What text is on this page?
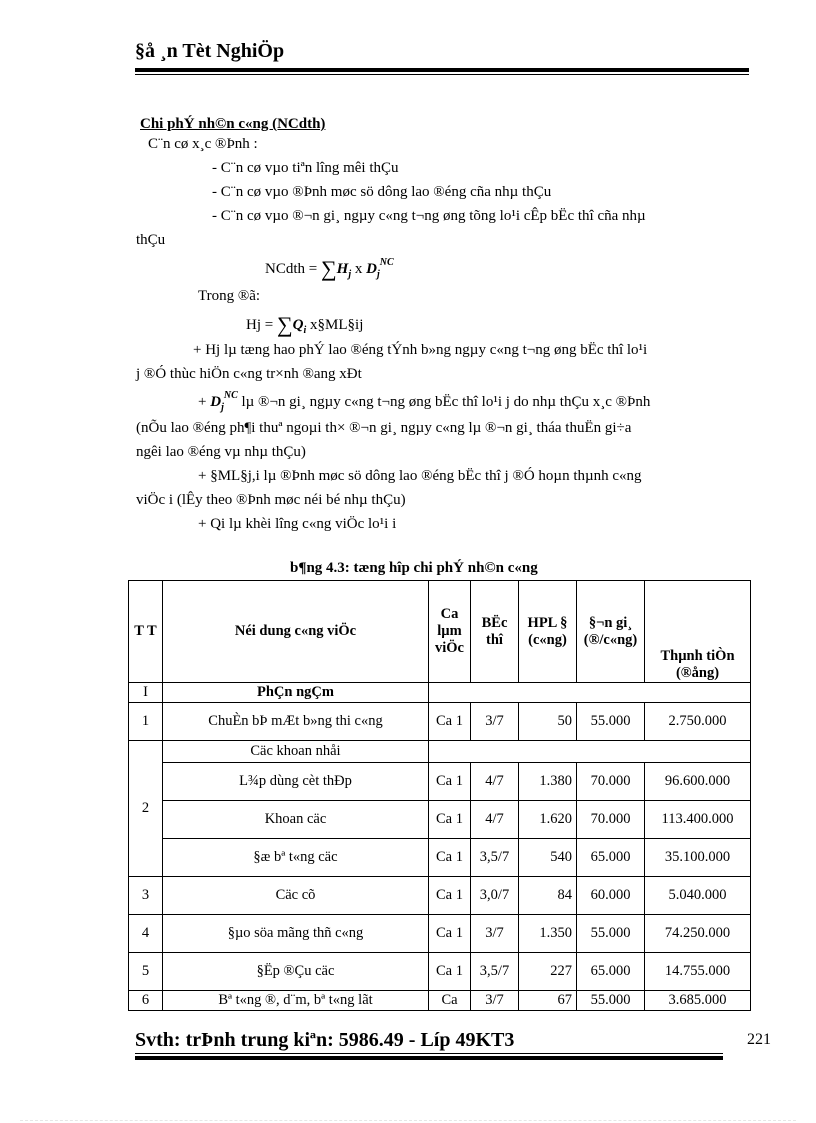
§å ¸n Tèt NghiÖp
Chi phÝ nh©n c«ng (NCdth)
C¨n cø x¸c ®Þnh :
- C¨n cø vµo tiªn lîng mêi thÇu
- C¨n cø vµo ®Þnh møc sö dông lao ®éng cña nhµ thÇu
- C¨n cø vµo ®¬n gi¸ ngµy c«ng t¬ng øng tõng lo¹i cÊp bËc thî cña nhµ
thÇu
NCdth = $\sum H_j$ x $D_j^{NC}$
Trong ®ã:
$Hj = \sum Q_i$ x§ML§ij
+ Hj lµ tæng hao phÝ lao ®éng tÝnh b»ng ngµy c«ng t¬ng øng bËc thî lo¹i
j ®Ó thùc hiÖn c«ng tr×nh ®ang xÐt
+ $D_j^{NC}$ lµ ®¬n gi¸ ngµy c«ng t¬ng øng bËc thî lo¹i j do nhµ thÇu x¸c ®Þnh
(nÕu lao ®éng ph¶i thuª ngoµi th× ®¬n gi¸ ngµy c«ng lµ ®¬n gi¸ tháa thuËn gi÷a
ngêi lao ®éng vµ nhµ thÇu)
+ §ML§j,i lµ ®Þnh møc sö dông lao ®éng bËc thî j ®Ó hoµn thµnh c«ng
viÖc i (lÊy theo ®Þnh møc néi bé nhµ thÇu)
+ Qi lµ khèi lîng c«ng viÖc lo¹i i
b¶ng 4.3: tæng hîp chi phÝ nh©n c«ng
T T	Néi dung c«ng viÖc	Ca lµm viÖc	BËc thî	HPL § (c«ng)	§¬n gi¸ (®/c«ng)	Thµnh tiÒn (®ång)
I	PhÇn ngÇm					
1	ChuÈn bÞ mÆt b»ng thi c«ng	Ca 1	3/7	50	55.000	2.750.000
2	Cäc khoan nhåi					
	L¾p dùng cèt thÐp	Ca 1	4/7	1.380	70.000	96.600.000
	Khoan cäc	Ca 1	4/7	1.620	70.000	113.400.000
	§æ bª t«ng cäc	Ca 1	3,5/7	540	65.000	35.100.000
3	Cäc cõ	Ca 1	3,0/7	84	60.000	5.040.000
4	§µo söa mãng thñ c«ng	Ca 1	3/7	1.350	55.000	74.250.000
5	§Ëp ®Çu cäc	Ca 1	3,5/7	227	65.000	14.755.000
6	Bª t«ng ®, d¨m, bª t«ng lãt	Ca	3/7	67	55.000	3.685.000
Svth: trÞnh trung kiªn: 5986.49 - Líp 49KT3	221
